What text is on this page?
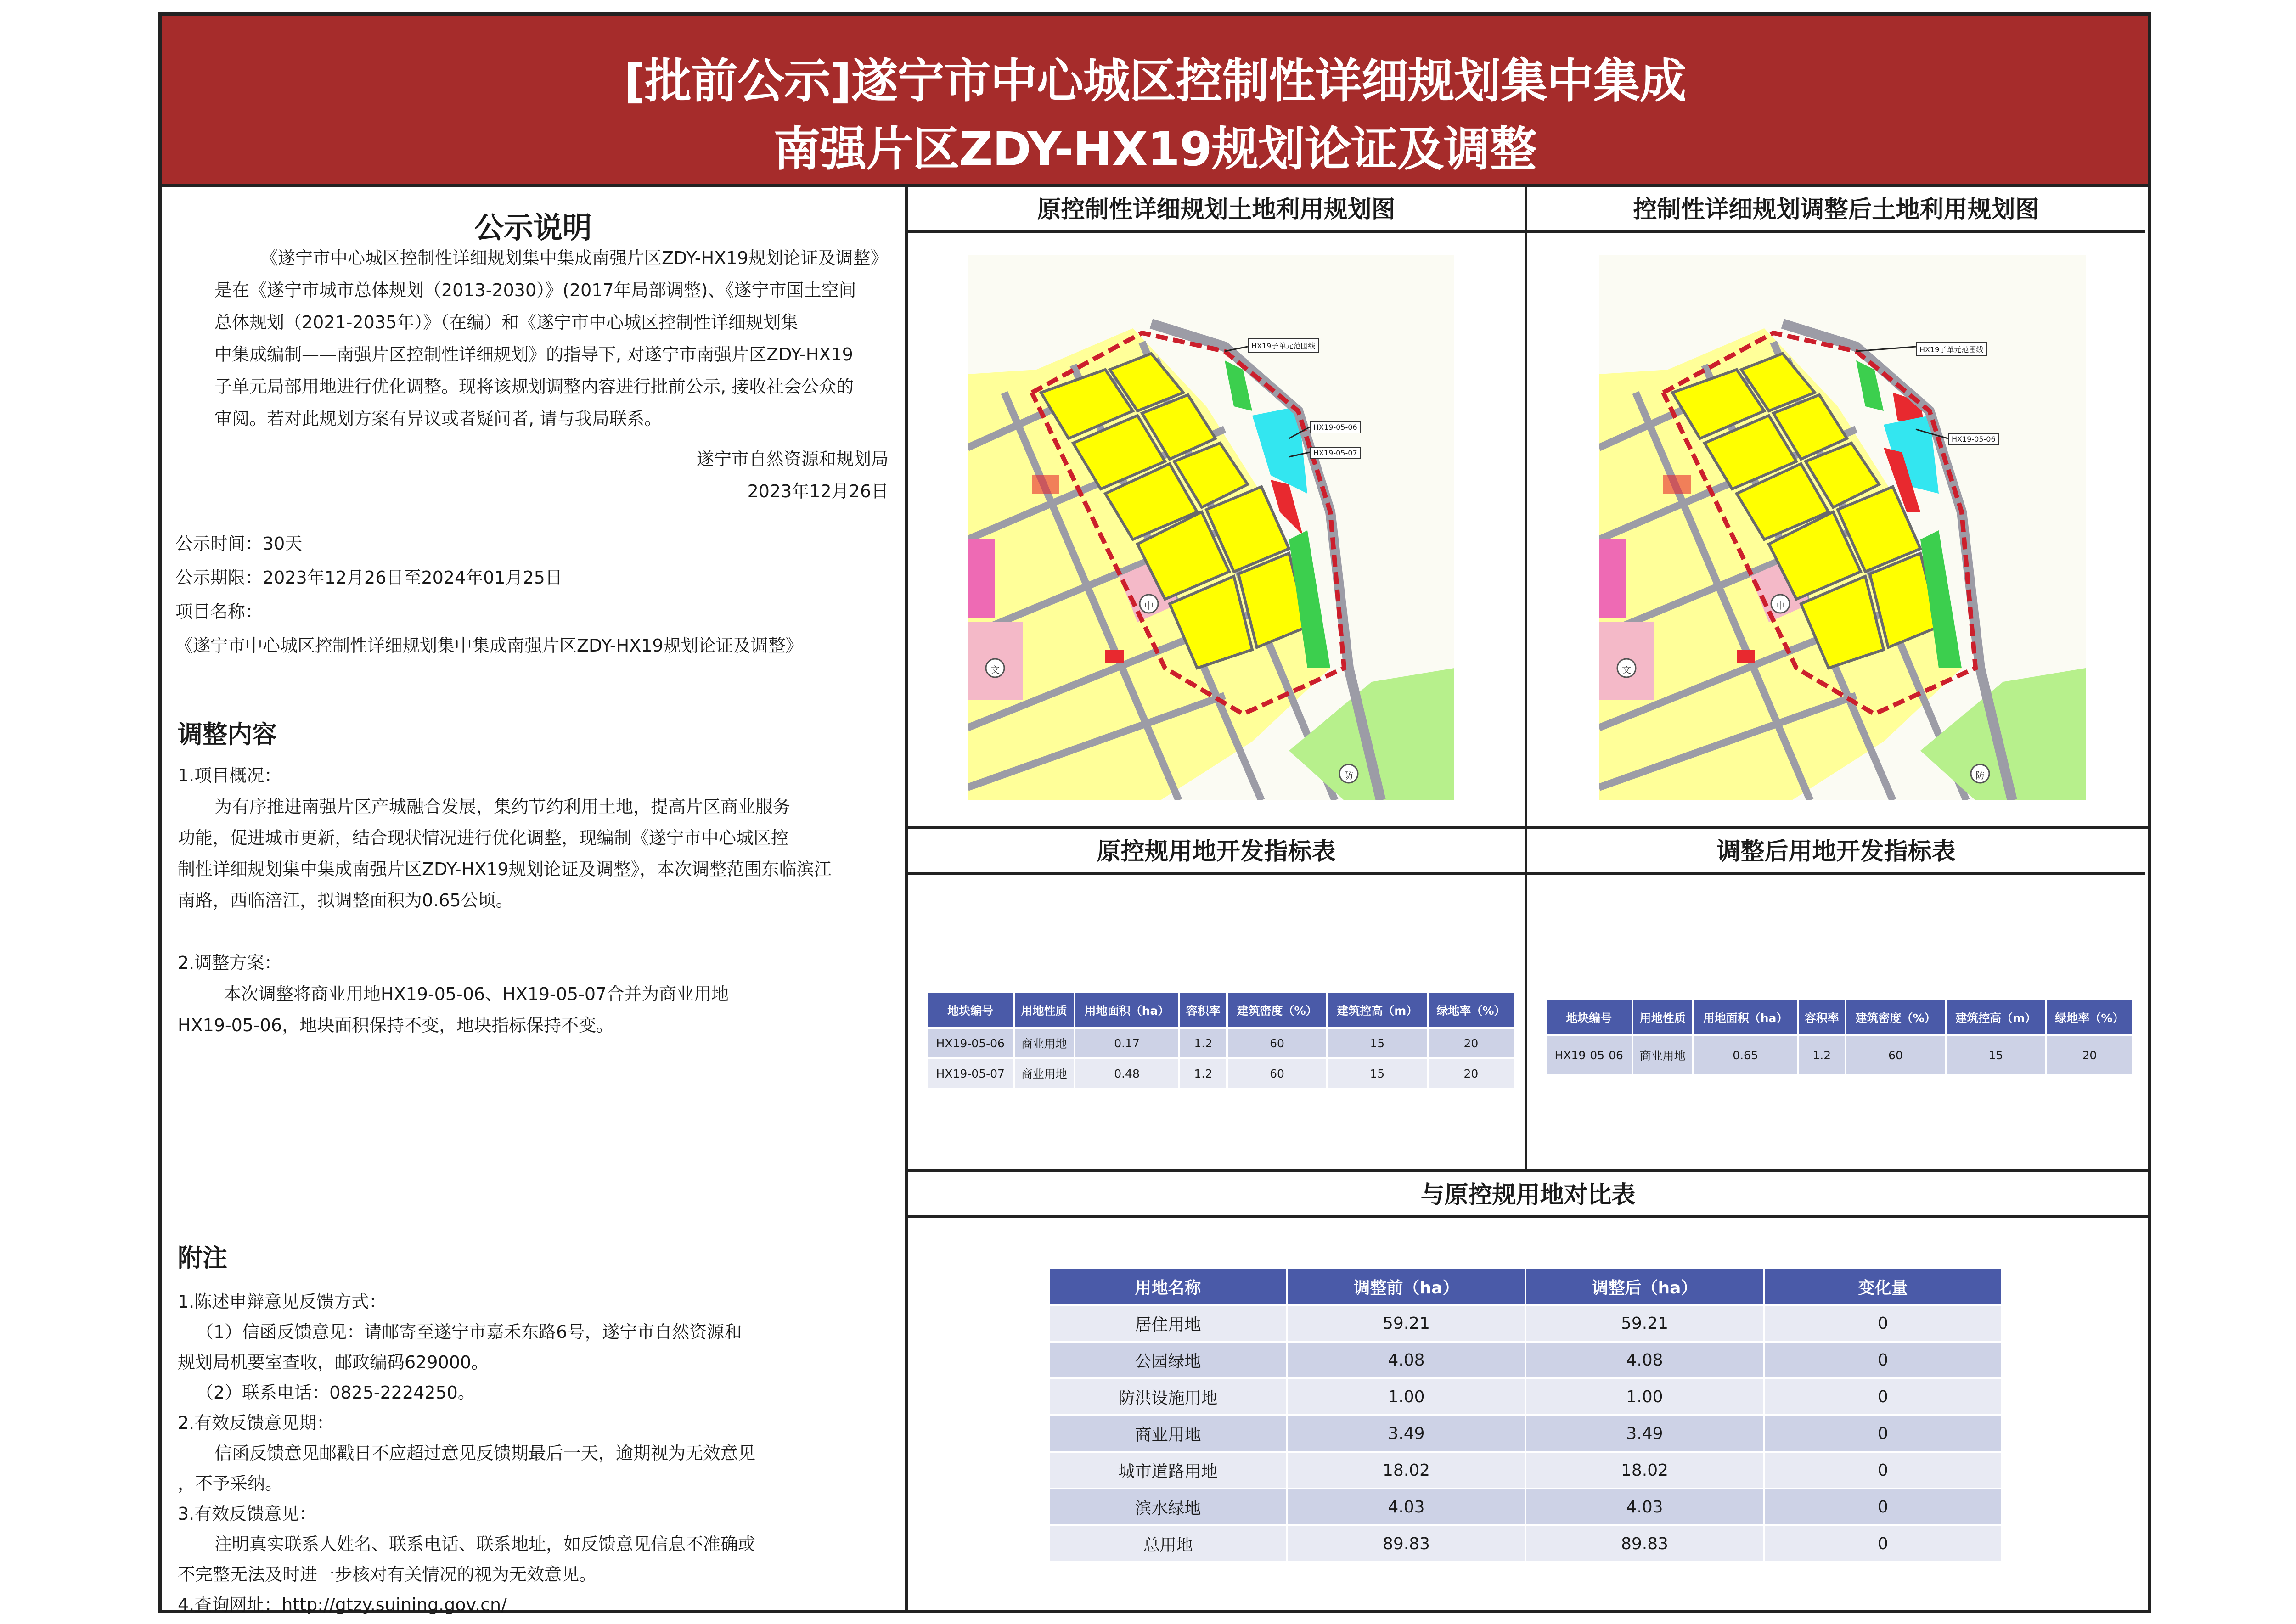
[批前公示]遂宁市中心城区控制性详细规划集中集成
南强片区ZDY-HX19规划论证及调整
公示说明
《遂宁市中心城区控制性详细规划集中集成南强片区ZDY-HX19规划论证及调整》
是在《遂宁市城市总体规划（2013-2030）》(2017年局部调整)、《遂宁市国土空间
总体规划（2021-2035年）》（在编）和《遂宁市中心城区控制性详细规划集
中集成编制——南强片区控制性详细规划》的指导下, 对遂宁市南强片区ZDY-HX19
子单元局部用地进行优化调整。现将该规划调整内容进行批前公示, 接收社会公众的
审阅。若对此规划方案有异议或者疑问者, 请与我局联系。
遂宁市自然资源和规划局
2023年12月26日
公示时间：30天
公示期限：2023年12月26日至2024年01月25日
项目名称：
《遂宁市中心城区控制性详细规划集中集成南强片区ZDY-HX19规划论证及调整》
调整内容
1.项目概况：
为有序推进南强片区产城融合发展，集约节约利用土地，提高片区商业服务
功能，促进城市更新，结合现状情况进行优化调整，现编制《遂宁市中心城区控
制性详细规划集中集成南强片区ZDY-HX19规划论证及调整》，本次调整范围东临滨江
南路，西临涪江，拟调整面积为0.65公顷。
2.调整方案：
本次调整将商业用地HX19-05-06、HX19-05-07合并为商业用地
HX19-05-06，地块面积保持不变，地块指标保持不变。
附注
1.陈述申辩意见反馈方式：
（1）信函反馈意见：请邮寄至遂宁市嘉禾东路6号，遂宁市自然资源和
规划局机要室查收，邮政编码629000。
（2）联系电话：0825-2224250。
2.有效反馈意见期：
信函反馈意见邮戳日不应超过意见反馈期最后一天，逾期视为无效意见
，不予采纳。
3.有效反馈意见：
注明真实联系人姓名、联系电话、联系地址，如反馈意见信息不准确或
不完整无法及时进一步核对有关情况的视为无效意见。
4.查询网址：http://gtzy.suining.gov.cn/
原控制性详细规划土地利用规划图	控制性详细规划调整后土地利用规划图
HX19子单元范围线
HX19-05-06
HX19-05-07
文
中
防
HX19子单元范围线
HX19-05-06
文
中
防
原控规用地开发指标表	调整后用地开发指标表
地块编号	用地性质	用地面积（ha）	容积率	建筑密度（%）	建筑控高（m）	绿地率（%）
HX19-05-06	商业用地	0.17	1.2	60	15	20
HX19-05-07	商业用地	0.48	1.2	60	15	20
地块编号	用地性质	用地面积（ha）	容积率	建筑密度（%）	建筑控高（m）	绿地率（%）
HX19-05-06	商业用地	0.65	1.2	60	15	20
与原控规用地对比表
用地名称	调整前（ha）	调整后（ha）	变化量
居住用地	59.21	59.21	0
公园绿地	4.08	4.08	0
防洪设施用地	1.00	1.00	0
商业用地	3.49	3.49	0
城市道路用地	18.02	18.02	0
滨水绿地	4.03	4.03	0
总用地	89.83	89.83	0
